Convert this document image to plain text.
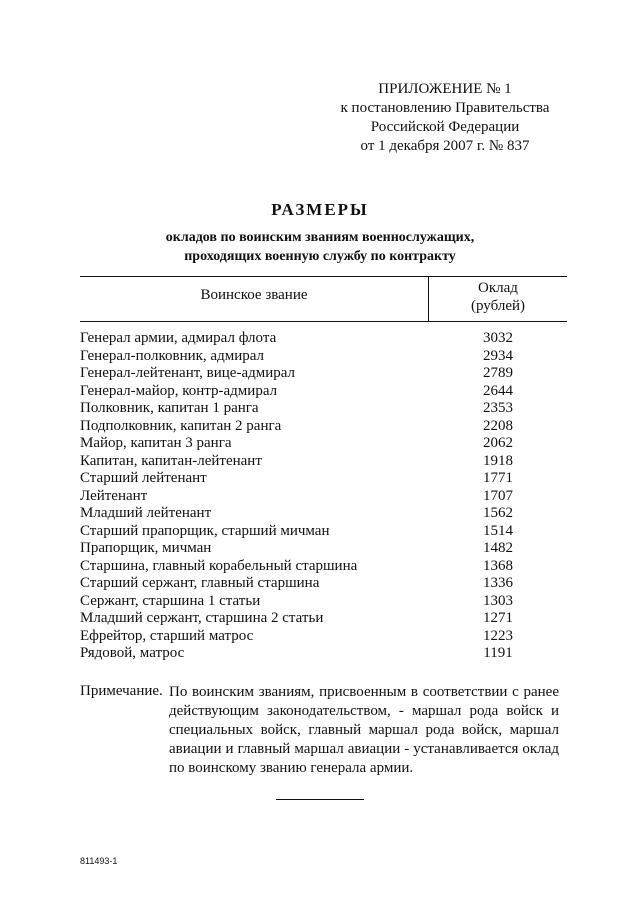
ПРИЛОЖЕНИЕ № 1
к постановлению Правительства
Российской Федерации
от 1 декабря 2007 г. № 837
РАЗМЕРЫ
окладов по воинским званиям военнослужащих,
проходящих военную службу по контракту
Воинское звание	Оклад
(рублей)
Генерал армии, адмирал флота	3032
Генерал-полковник, адмирал	2934
Генерал-лейтенант, вице-адмирал	2789
Генерал-майор, контр-адмирал	2644
Полковник, капитан 1 ранга	2353
Подполковник, капитан 2 ранга	2208
Майор, капитан 3 ранга	2062
Капитан, капитан-лейтенант	1918
Старший лейтенант	1771
Лейтенант	1707
Младший лейтенант	1562
Старший прапорщик, старший мичман	1514
Прапорщик, мичман	1482
Старшина, главный корабельный старшина	1368
Старший сержант, главный старшина	1336
Сержант, старшина 1 статьи	1303
Младший сержант, старшина 2 статьи	1271
Ефрейтор, старший матрос	1223
Рядовой, матрос	1191
Примечание. По воинским званиям, присвоенным в соответствии с ранее действующим законодательством, - маршал рода войск и специальных войск, главный маршал рода войск, маршал авиации и главный маршал авиации - устанавливается оклад по воинскому званию генерала армии.
811493-1
